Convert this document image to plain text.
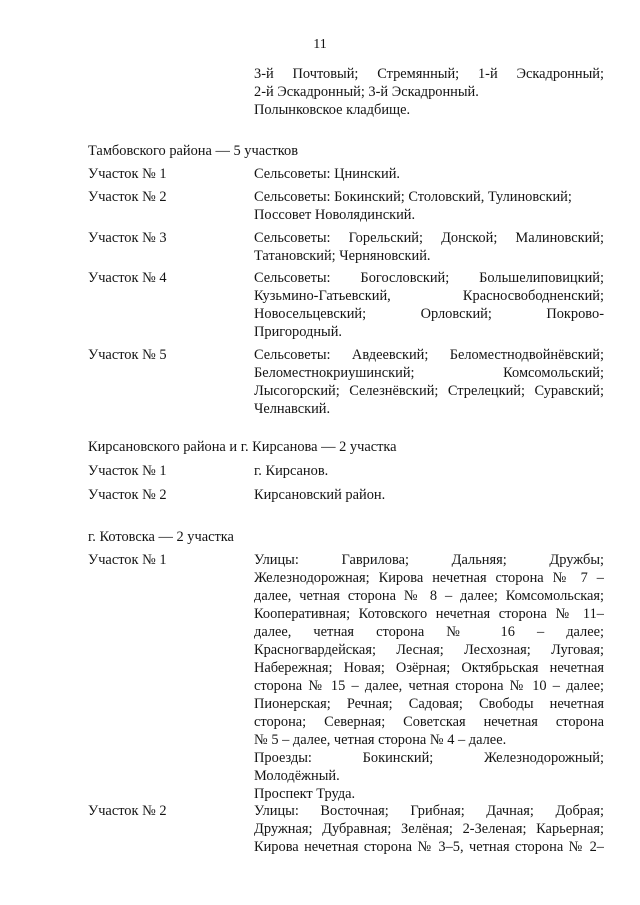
11
3-й Почтовый; Стремянный; 1-й Эскадронный;
2-й Эскадронный; 3-й Эскадронный.
Полынковское кладбище.
Тамбовского района — 5 участков
Участок № 1	Сельсоветы: Цнинский.
Участок № 2	Сельсоветы: Бокинский; Столовский, Тулиновский;
Поссовет Новолядинский.
Участок № 3	Сельсоветы: Горельский; Донской; Малиновский;
Татановский; Черняновский.
Участок № 4	Сельсоветы: Богословский; Большелиповицкий;
Кузьмино-Гатьевский, Красносвободненский;
Новосельцевский; Орловский; Покрово-
Пригородный.
Участок № 5	Сельсоветы: Авдеевский; Беломестнодвойнёвский;
Беломестнокриушинский; Комсомольский;
Лысогорский; Селезнёвский; Стрелецкий; Суравский;
Челнавский.
Кирсановского района и г. Кирсанова — 2 участка
Участок № 1	г. Кирсанов.
Участок № 2	Кирсановский район.
г. Котовска — 2 участка
Участок № 1	Улицы: Гаврилова; Дальняя; Дружбы;
Железнодорожная; Кирова нечетная сторона № 7 –
далее, четная сторона № 8 – далее; Комсомольская;
Кооперативная; Котовского нечетная сторона № 11–
далее, четная сторона № 16 – далее;
Красногвардейская; Лесная; Лесхозная; Луговая;
Набережная; Новая; Озёрная; Октябрьская нечетная
сторона № 15 – далее, четная сторона № 10 – далее;
Пионерская; Речная; Садовая; Свободы нечетная
сторона; Северная; Советская нечетная сторона
№ 5 – далее, четная сторона № 4 – далее.
Проезды: Бокинский; Железнодорожный;
Молодёжный.
Проспект Труда.
Участок № 2	Улицы: Восточная; Грибная; Дачная; Добрая;
Дружная; Дубравная; Зелёная; 2-Зеленая; Карьерная;
Кирова нечетная сторона № 3–5, четная сторона № 2–
